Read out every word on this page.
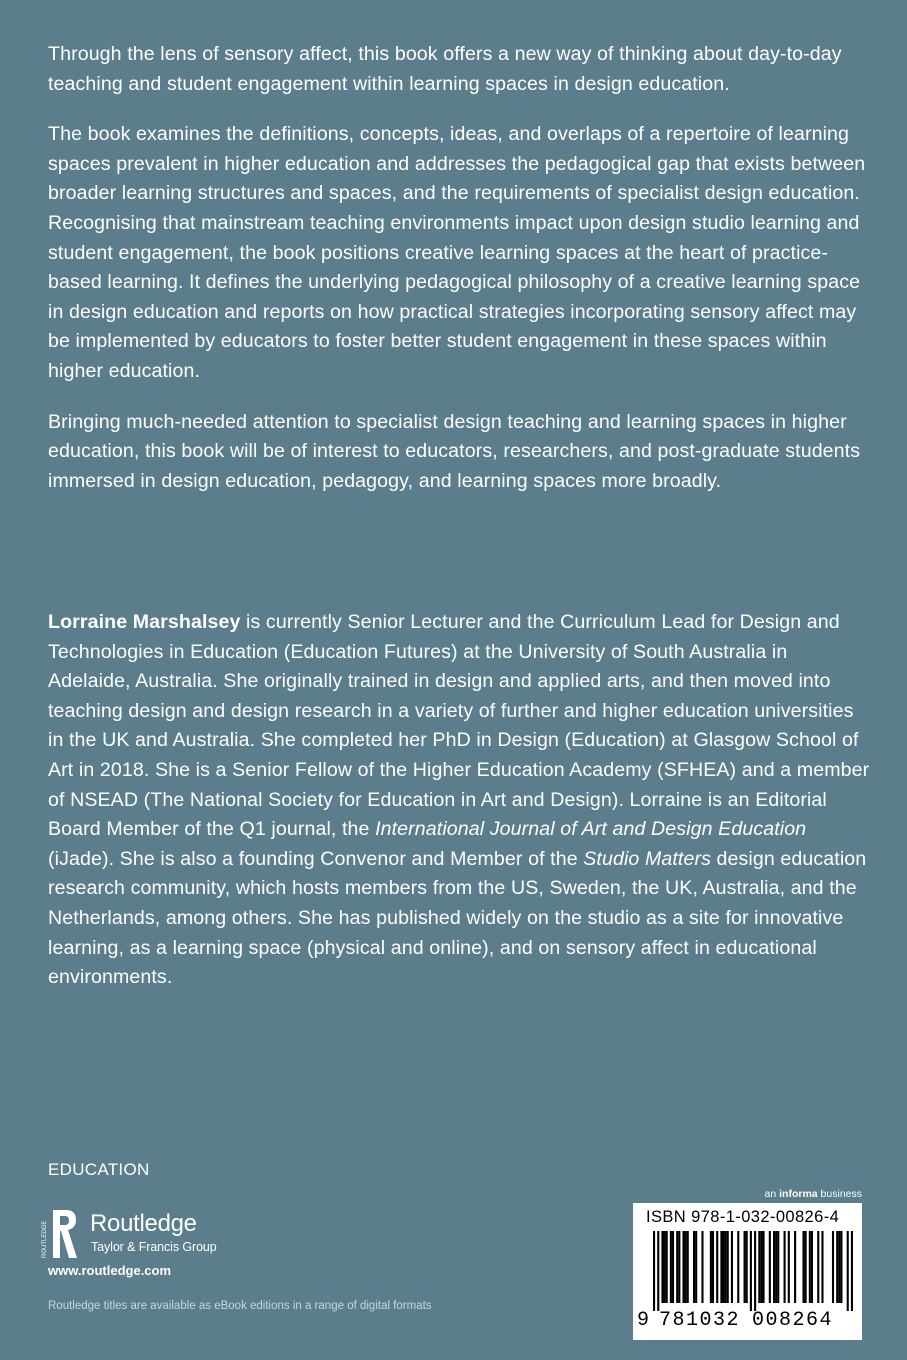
Through the lens of sensory affect, this book offers a new way of thinking about day-to-day teaching and student engagement within learning spaces in design education.

The book examines the definitions, concepts, ideas, and overlaps of a repertoire of learning spaces prevalent in higher education and addresses the pedagogical gap that exists between broader learning structures and spaces, and the requirements of specialist design education. Recognising that mainstream teaching environments impact upon design studio learning and student engagement, the book positions creative learning spaces at the heart of practice-based learning. It defines the underlying pedagogical philosophy of a creative learning space in design education and reports on how practical strategies incorporating sensory affect may be implemented by educators to foster better student engagement in these spaces within higher education.

Bringing much-needed attention to specialist design teaching and learning spaces in higher education, this book will be of interest to educators, researchers, and post-graduate students immersed in design education, pedagogy, and learning spaces more broadly.

Lorraine Marshalsey is currently Senior Lecturer and the Curriculum Lead for Design and Technologies in Education (Education Futures) at the University of South Australia in Adelaide, Australia. She originally trained in design and applied arts, and then moved into teaching design and design research in a variety of further and higher education universities in the UK and Australia. She completed her PhD in Design (Education) at Glasgow School of Art in 2018. She is a Senior Fellow of the Higher Education Academy (SFHEA) and a member of NSEAD (The National Society for Education in Art and Design). Lorraine is an Editorial Board Member of the Q1 journal, the International Journal of Art and Design Education (iJade). She is also a founding Convenor and Member of the Studio Matters design education research community, which hosts members from the US, Sweden, the UK, Australia, and the Netherlands, among others. She has published widely on the studio as a site for innovative learning, as a learning space (physical and online), and on sensory affect in educational environments.
EDUCATION
ROUTLEDGE Routledge
Taylor & Francis Group
www.routledge.com
Routledge titles are available as eBook editions in a range of digital formats
an informa business
ISBN 978-1-032-00826-4
9 781032 008264
